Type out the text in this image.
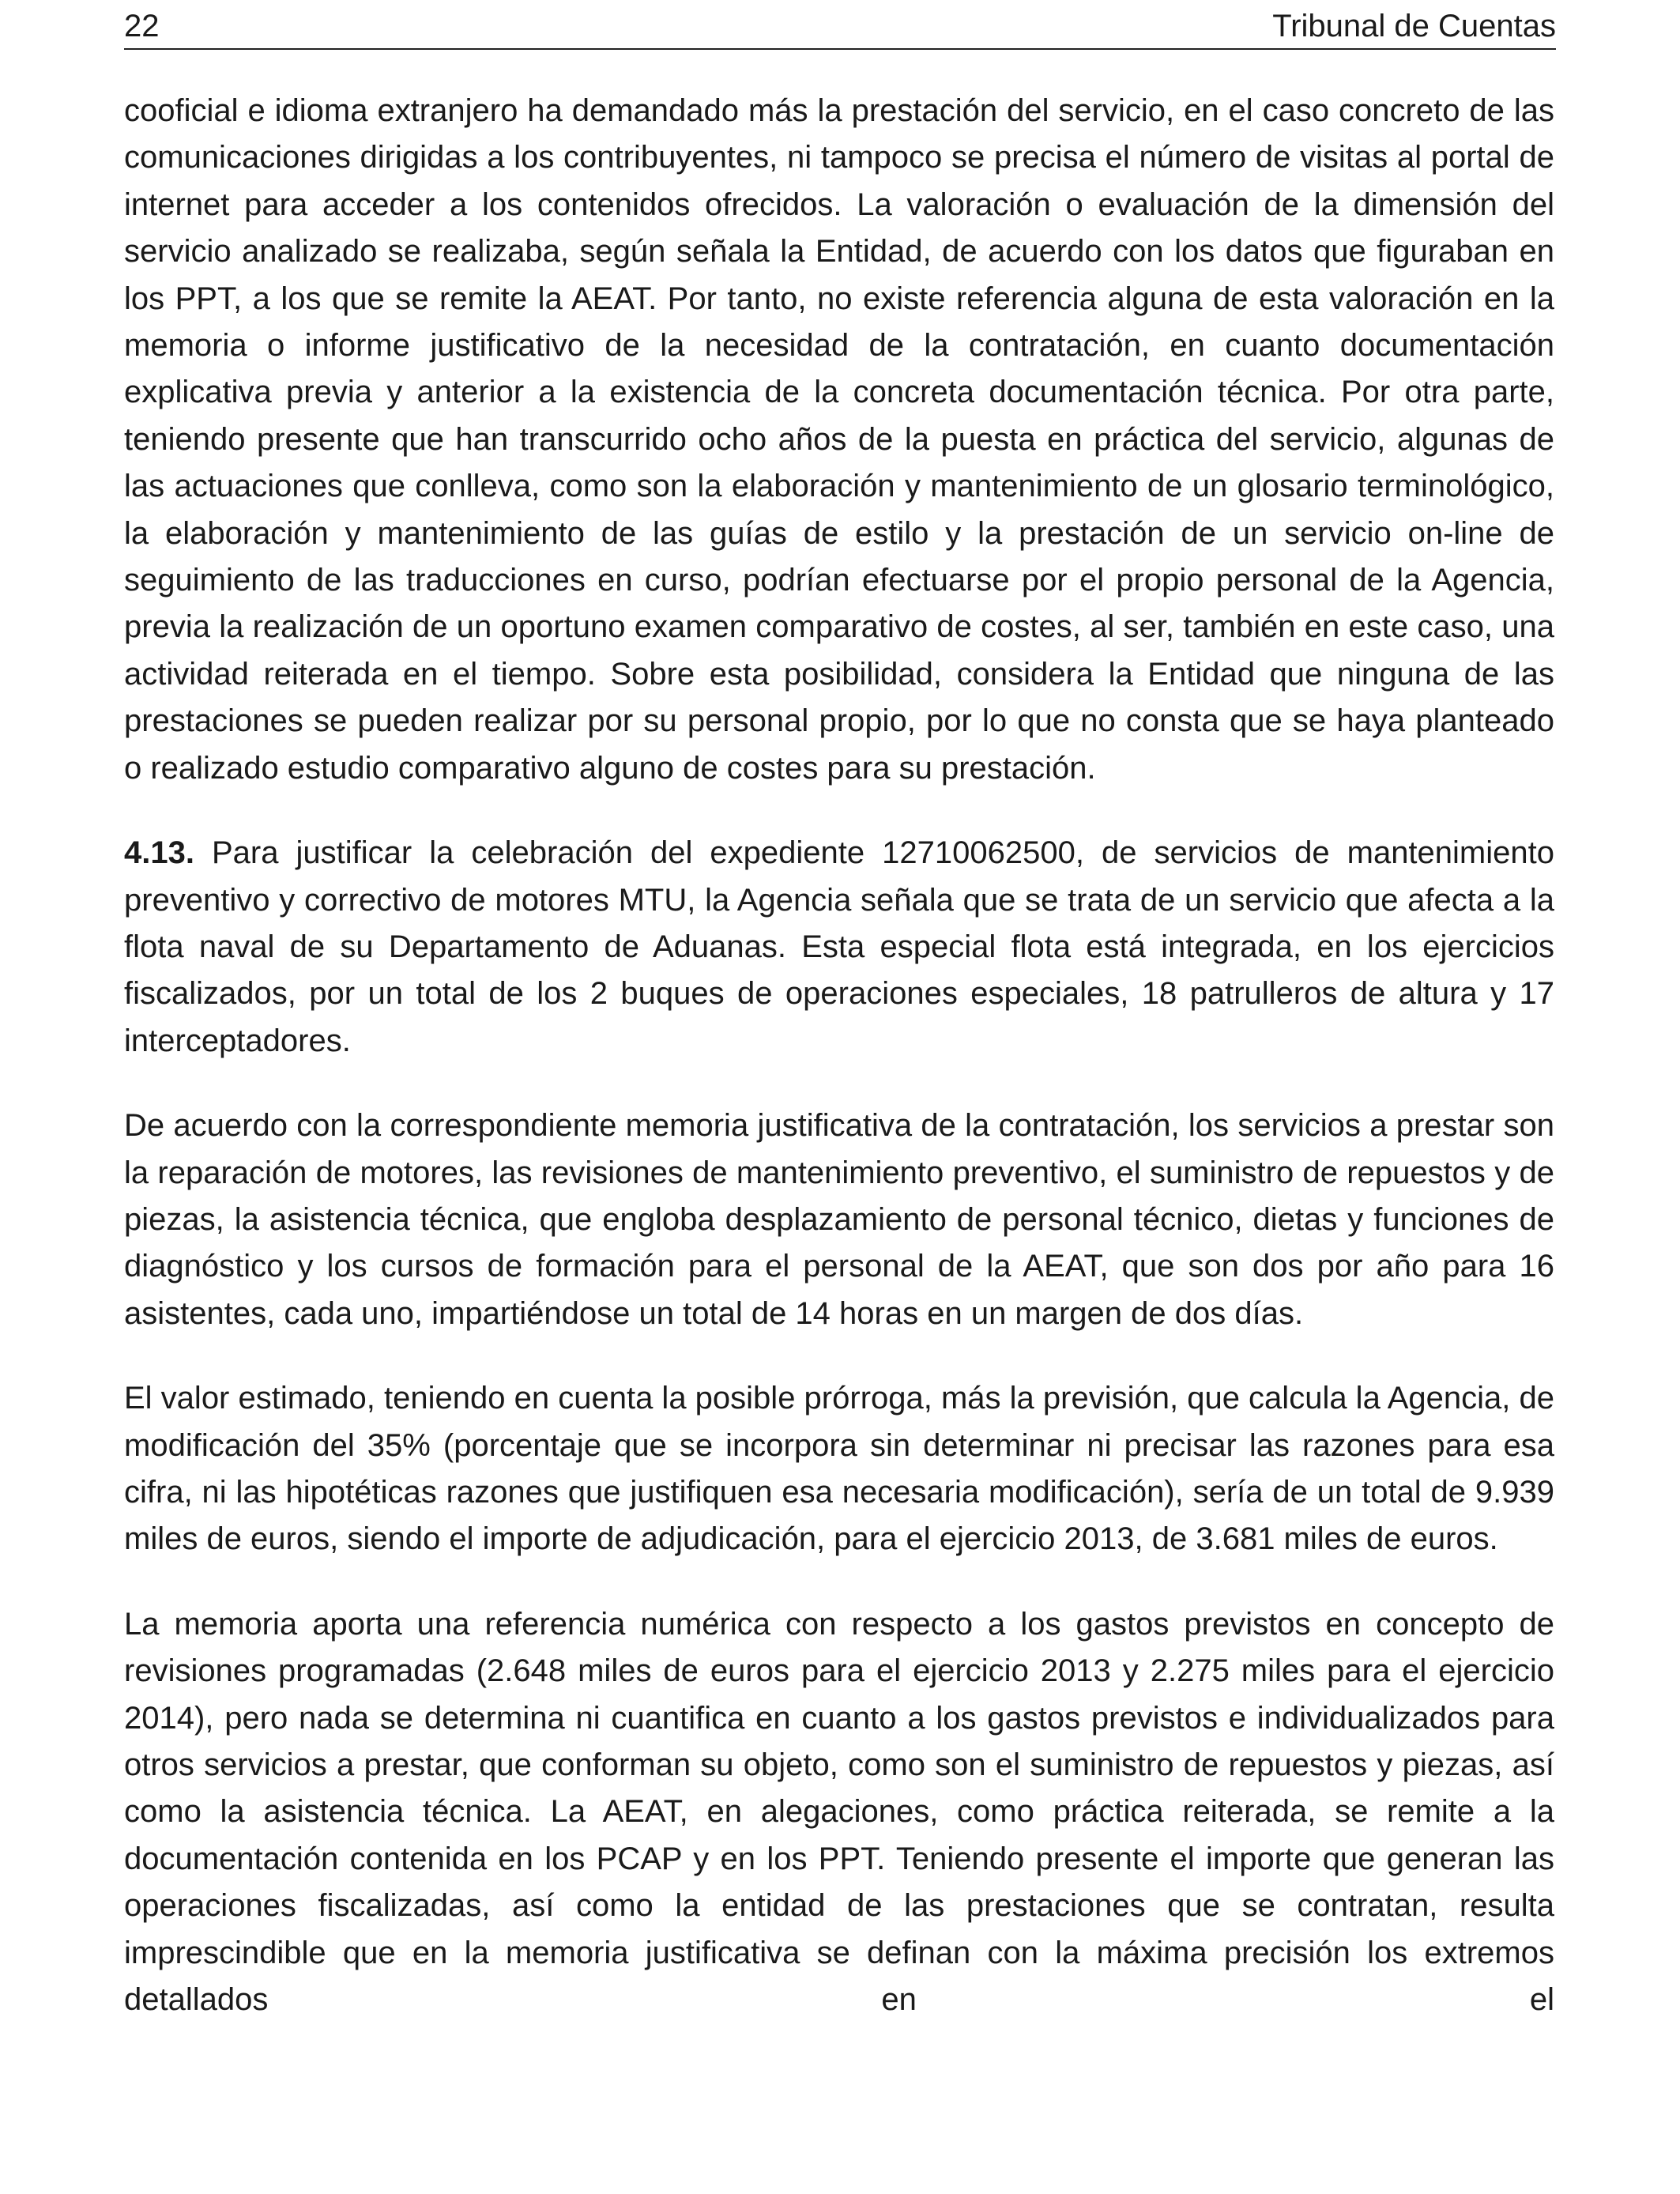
22	Tribunal de Cuentas

cooficial e idioma extranjero ha demandado más la prestación del servicio, en el caso concreto de las comunicaciones dirigidas a los contribuyentes, ni tampoco se precisa el número de visitas al portal de internet para acceder a los contenidos ofrecidos. La valoración o evaluación de la dimensión del servicio analizado se realizaba, según señala la Entidad, de acuerdo con los datos que figuraban en los PPT, a los que se remite la AEAT. Por tanto, no existe referencia alguna de esta valoración en la memoria o informe justificativo de la necesidad de la contratación, en cuanto documentación explicativa previa y anterior a la existencia de la concreta documentación técnica. Por otra parte, teniendo presente que han transcurrido ocho años de la puesta en práctica del servicio, algunas de las actuaciones que conlleva, como son la elaboración y mantenimiento de un glosario terminológico, la elaboración y mantenimiento de las guías de estilo y la prestación de un servicio on-line de seguimiento de las traducciones en curso, podrían efectuarse por el propio personal de la Agencia, previa la realización de un oportuno examen comparativo de costes, al ser, también en este caso, una actividad reiterada en el tiempo. Sobre esta posibilidad, considera la Entidad que ninguna de las prestaciones se pueden realizar por su personal propio, por lo que no consta que se haya planteado o realizado estudio comparativo alguno de costes para su prestación.

4.13. Para justificar la celebración del expediente 12710062500, de servicios de mantenimiento preventivo y correctivo de motores MTU, la Agencia señala que se trata de un servicio que afecta a la flota naval de su Departamento de Aduanas. Esta especial flota está integrada, en los ejercicios fiscalizados, por un total de los 2 buques de operaciones especiales, 18 patrulleros de altura y 17 interceptadores.

De acuerdo con la correspondiente memoria justificativa de la contratación, los servicios a prestar son la reparación de motores, las revisiones de mantenimiento preventivo, el suministro de repuestos y de piezas, la asistencia técnica, que engloba desplazamiento de personal técnico, dietas y funciones de diagnóstico y los cursos de formación para el personal de la AEAT, que son dos por año para 16 asistentes, cada uno, impartiéndose un total de 14 horas en un margen de dos días.

El valor estimado, teniendo en cuenta la posible prórroga, más la previsión, que calcula la Agencia, de modificación del 35% (porcentaje que se incorpora sin determinar ni precisar las razones para esa cifra, ni las hipotéticas razones que justifiquen esa necesaria modificación), sería de un total de 9.939 miles de euros, siendo el importe de adjudicación, para el ejercicio 2013, de 3.681 miles de euros.

La memoria aporta una referencia numérica con respecto a los gastos previstos en concepto de revisiones programadas (2.648 miles de euros para el ejercicio 2013 y 2.275 miles para el ejercicio 2014), pero nada se determina ni cuantifica en cuanto a los gastos previstos e individualizados para otros servicios a prestar, que conforman su objeto, como son el suministro de repuestos y piezas, así como la asistencia técnica. La AEAT, en alegaciones, como práctica reiterada, se remite a la documentación contenida en los PCAP y en los PPT. Teniendo presente el importe que generan las operaciones fiscalizadas, así como la entidad de las prestaciones que se contratan, resulta imprescindible que en la memoria justificativa se definan con la máxima precisión los extremos detallados en el
